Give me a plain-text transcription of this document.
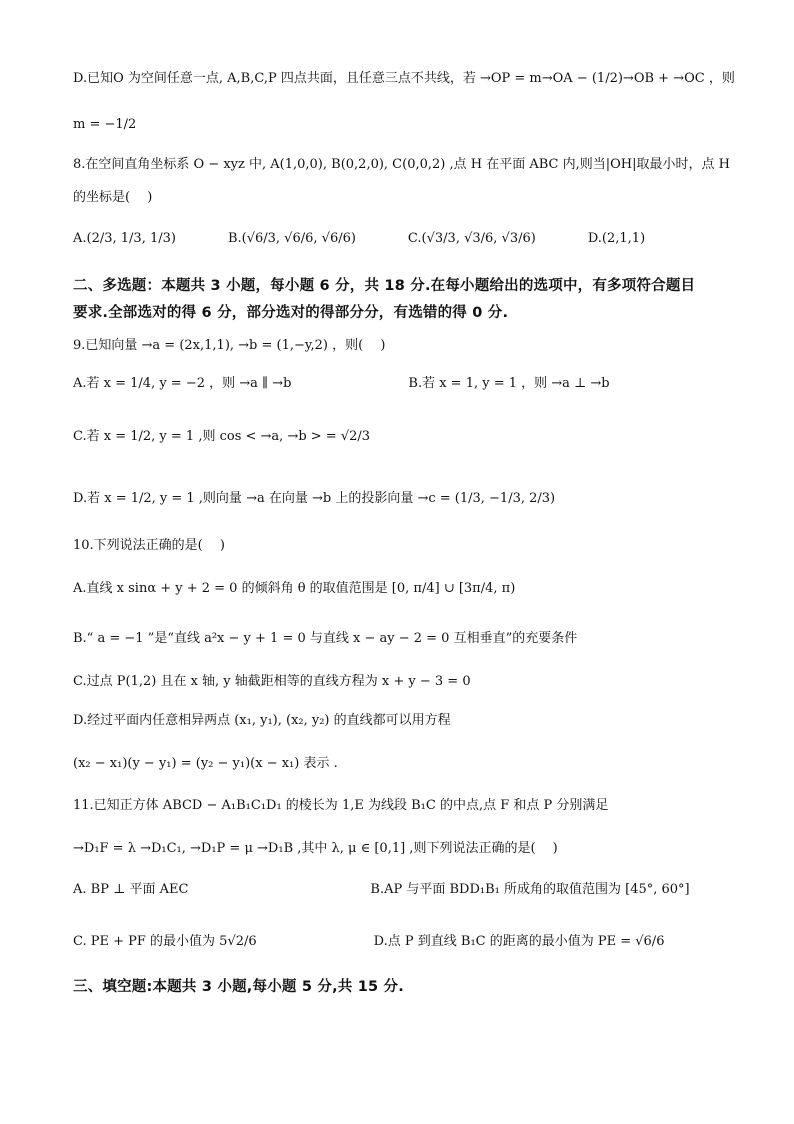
D.已知O 为空间任意一点, A,B,C,P 四点共面，且任意三点不共线，若 →OP = m→OA − (1/2)→OB + →OC ，则
m = −1/2
8.在空间直角坐标系 O − xyz 中, A(1,0,0), B(0,2,0), C(0,0,2) ,点 H 在平面 ABC 内,则当|OH|取最小时，点 H
的坐标是(　 )
A.(2/3, 1/3, 1/3)　　　　B.(√6/3, √6/6, √6/6)　　　　C.(√3/3, √3/6, √3/6)　　　　D.(2,1,1)
二、多选题：本题共 3 小题，每小题 6 分，共 18 分.在每小题给出的选项中，有多项符合题目
要求.全部选对的得 6 分，部分选对的得部分分，有选错的得 0 分.
9.已知向量 →a = (2x,1,1), →b = (1,−y,2) ，则(　 )
A.若 x = 1/4, y = −2 ，则 →a ∥ →b　　　　　　　　　B.若 x = 1, y = 1 ，则 →a ⊥ →b
C.若 x = 1/2, y = 1 ,则 cos < →a, →b > = √2/3
D.若 x = 1/2, y = 1 ,则向量 →a 在向量 →b 上的投影向量 →c = (1/3, −1/3, 2/3)
10.下列说法正确的是(　 )
A.直线 x sinα + y + 2 = 0 的倾斜角 θ 的取值范围是 [0, π/4] ∪ [3π/4, π)
B.“ a = −1 ”是“直线 a²x − y + 1 = 0 与直线 x − ay − 2 = 0 互相垂直”的充要条件
C.过点 P(1,2) 且在 x 轴, y 轴截距相等的直线方程为 x + y − 3 = 0
D.经过平面内任意相异两点 (x₁, y₁), (x₂, y₂) 的直线都可以用方程
(x₂ − x₁)(y − y₁) = (y₂ − y₁)(x − x₁) 表示 .
11.已知正方体 ABCD − A₁B₁C₁D₁ 的棱长为 1,E 为线段 B₁C 的中点,点 F 和点 P 分别满足
→D₁F = λ →D₁C₁, →D₁P = μ →D₁B ,其中 λ, μ ∈ [0,1] ,则下列说法正确的是(　 )
A. BP ⊥ 平面 AEC　　　　　　　　　　　　　　B.AP 与平面 BDD₁B₁ 所成角的取值范围为 [45°, 60°]
C. PE + PF 的最小值为 5√2/6　　　　　　　　　D.点 P 到直线 B₁C 的距离的最小值为 PE = √6/6
三、填空题:本题共 3 小题,每小题 5 分,共 15 分.
